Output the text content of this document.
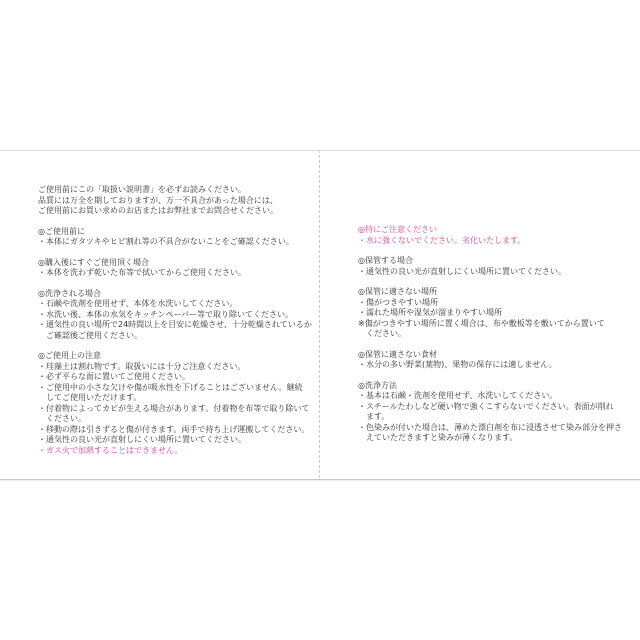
ご使用前にこの「取扱い説明書」を必ずお読みください。
品質には万全を期しておりますが、万一不具合があった場合には、
ご使用前にお買い求めのお店またはお弊社までお問合せください。
◎ご使用前に
・本体にガタツキやヒビ割れ等の不具合がないことをご確認ください。
◎購入後にすぐご使用頂く場合
・本体を洗わず乾いた布等で拭いてからご使用ください。
◎洗浄される場合
・石鹸や洗剤を使用せず、本体を水洗いしてください。
・水洗い後、本体の水気をキッチンペーパー等で取り除いてください。
・通気性の良い場所で24時間以上を目安に乾燥させ、十分乾燥されているか
ご確認後ご使用ください。
◎ご使用上の注意
・珪藻土は割れ物です。取扱いには十分ご注意ください。
・必ず平らな面に置いてご使用ください。
・ご使用中の小さな欠けや傷が吸水性を下げることはございません。継続
してご使用いただけます。
・付着物によってカビが生える場合があります。付着物を布等で取り除いて
ください。
・移動の際は引きずると傷が付きます。両手で持ち上げ運搬してください。
・通気性の良い光が直射しにくい場所に置いてください。
・ガス火で加熱することはできません。
◎特にご注意ください
・水に強くないでください。劣化いたします。
◎保管する場合
・通気性の良い光が直射しにくい場所に置いてください。
◎保管に適さない場所
・傷がつきやすい場所
・濡れた場所や湿気が溜まりやすい場所
※傷がつきやすい場所に置く場合は、布や敷板等を敷いてから置いて
ください。
◎保管に適さない食材
・水分の多い野菜(葉物)、果物の保存には適しません。
◎洗浄方法
・基本は石鹸・洗剤を使用せず、水洗いしてください。
・スチールたわしなど硬い物で強くこすらないでください。表面が削れ
ます。
・色染みが付いた場合は、薄めた漂白剤を布に浸透させて染み部分を押さ
えていただきますと染みが薄くなります。
